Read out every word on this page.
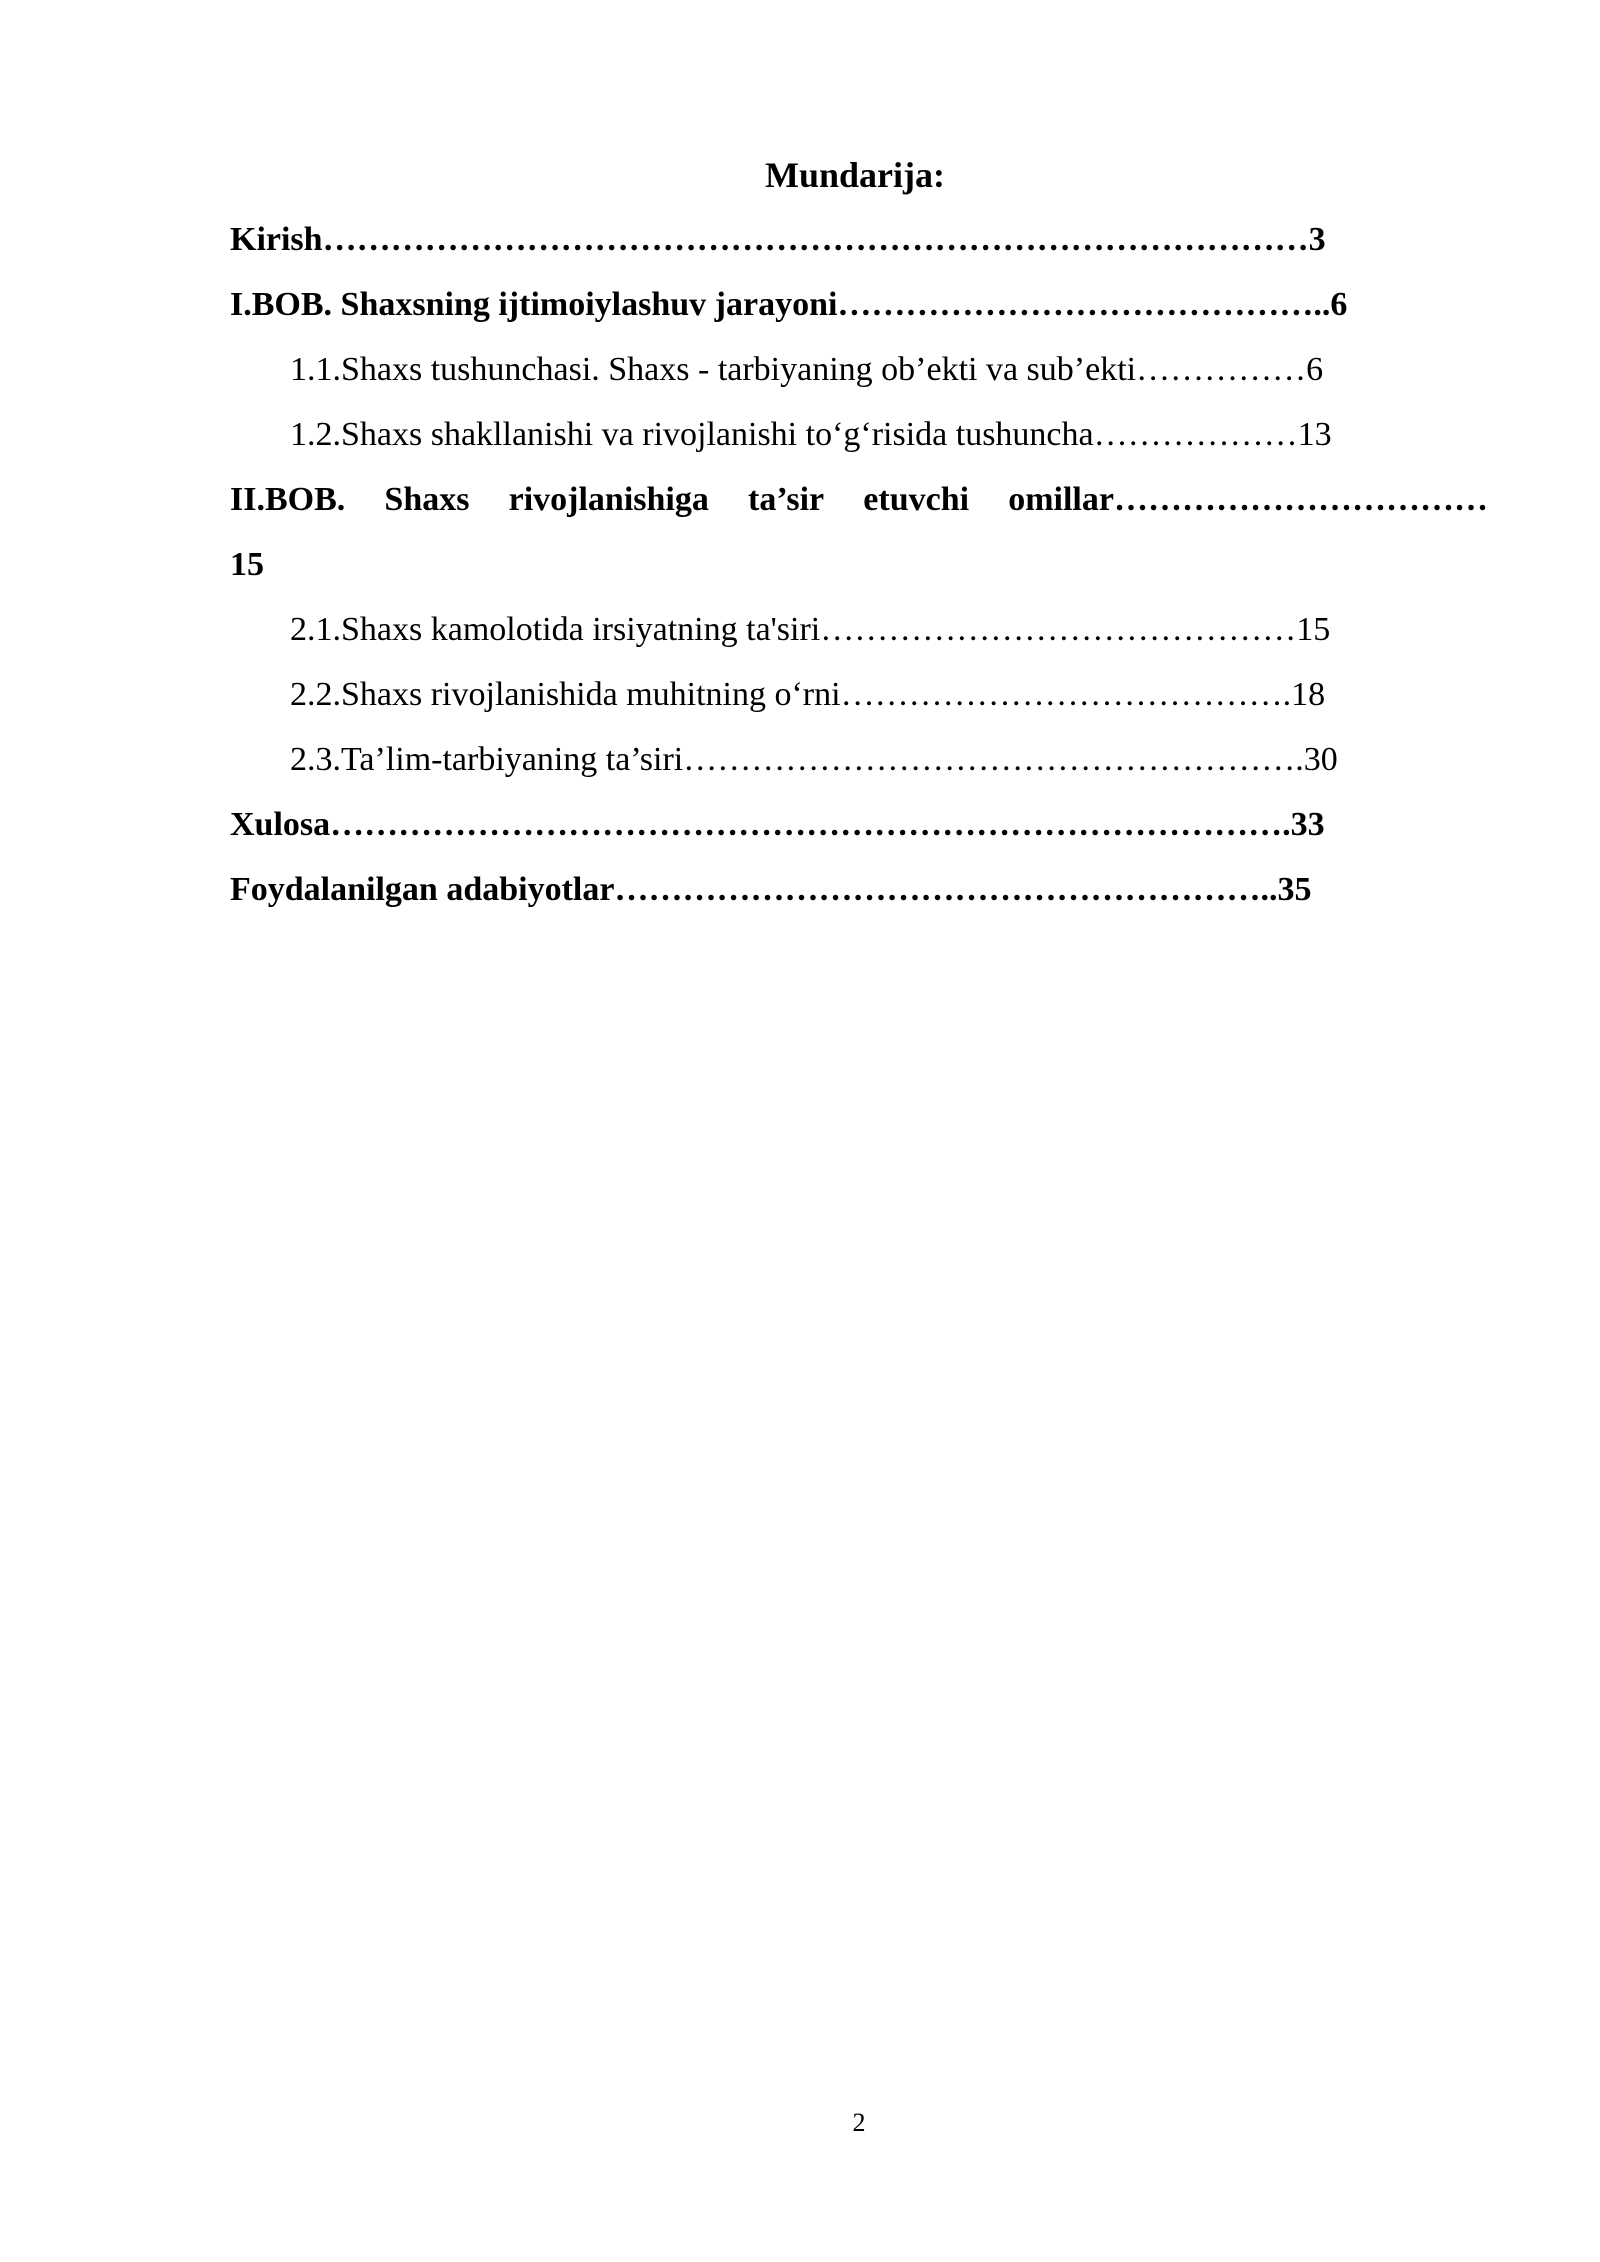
Mundarija:
Kirish……………………………………………………………………………3
I.BOB. Shaxsning ijtimoiylashuv jarayoni……………………………………..6
1.1.Shaxs tushunchasi. Shaxs - tarbiyaning ob’ekti va sub’ekti……………6
1.2.Shaxs shakllanishi va rivojlanishi to‘g‘risida tushuncha………………13
II.BOB. Shaxs rivojlanishiga ta’sir etuvchi omillar……………………………
15
2.1.Shaxs kamolotida irsiyatning ta'siri……………………………………15
2.2.Shaxs rivojlanishida muhitning o‘rni………………………………….18
2.3.Ta’lim-tarbiyaning ta’siri……………………………………………….30
Xulosa………………………………………………………………………….33
Foydalanilgan adabiyotlar…………………………………………………..35
2
